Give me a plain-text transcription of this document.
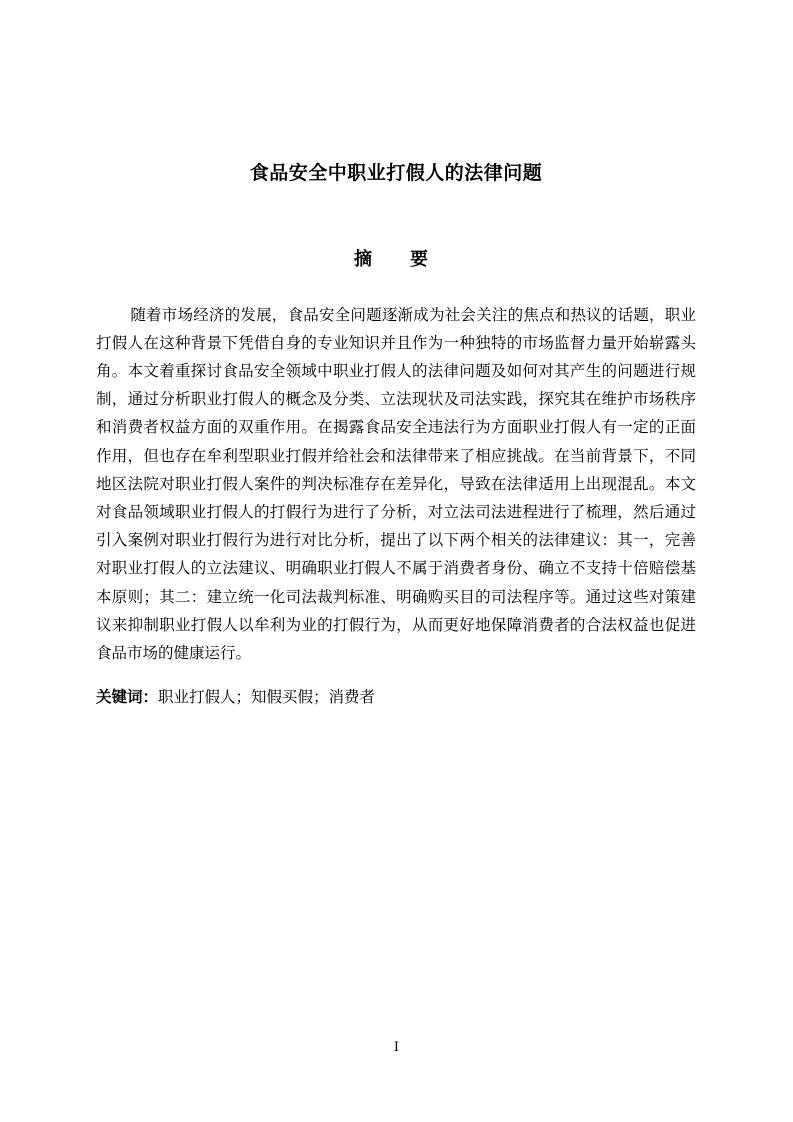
食品安全中职业打假人的法律问题
摘　要

随着市场经济的发展，食品安全问题逐渐成为社会关注的焦点和热议的话题，职业打假人在这种背景下凭借自身的专业知识并且作为一种独特的市场监督力量开始崭露头角。本文着重探讨食品安全领域中职业打假人的法律问题及如何对其产生的问题进行规制，通过分析职业打假人的概念及分类、立法现状及司法实践，探究其在维护市场秩序和消费者权益方面的双重作用。在揭露食品安全违法行为方面职业打假人有一定的正面作用，但也存在牟利型职业打假并给社会和法律带来了相应挑战。在当前背景下，不同地区法院对职业打假人案件的判决标准存在差异化，导致在法律适用上出现混乱。本文对食品领域职业打假人的打假行为进行了分析，对立法司法进程进行了梳理，然后通过引入案例对职业打假行为进行对比分析，提出了以下两个相关的法律建议：其一，完善对职业打假人的立法建议、明确职业打假人不属于消费者身份、确立不支持十倍赔偿基本原则；其二：建立统一化司法裁判标准、明确购买目的司法程序等。通过这些对策建议来抑制职业打假人以牟利为业的打假行为，从而更好地保障消费者的合法权益也促进食品市场的健康运行。

关键词：职业打假人；知假买假；消费者

I
